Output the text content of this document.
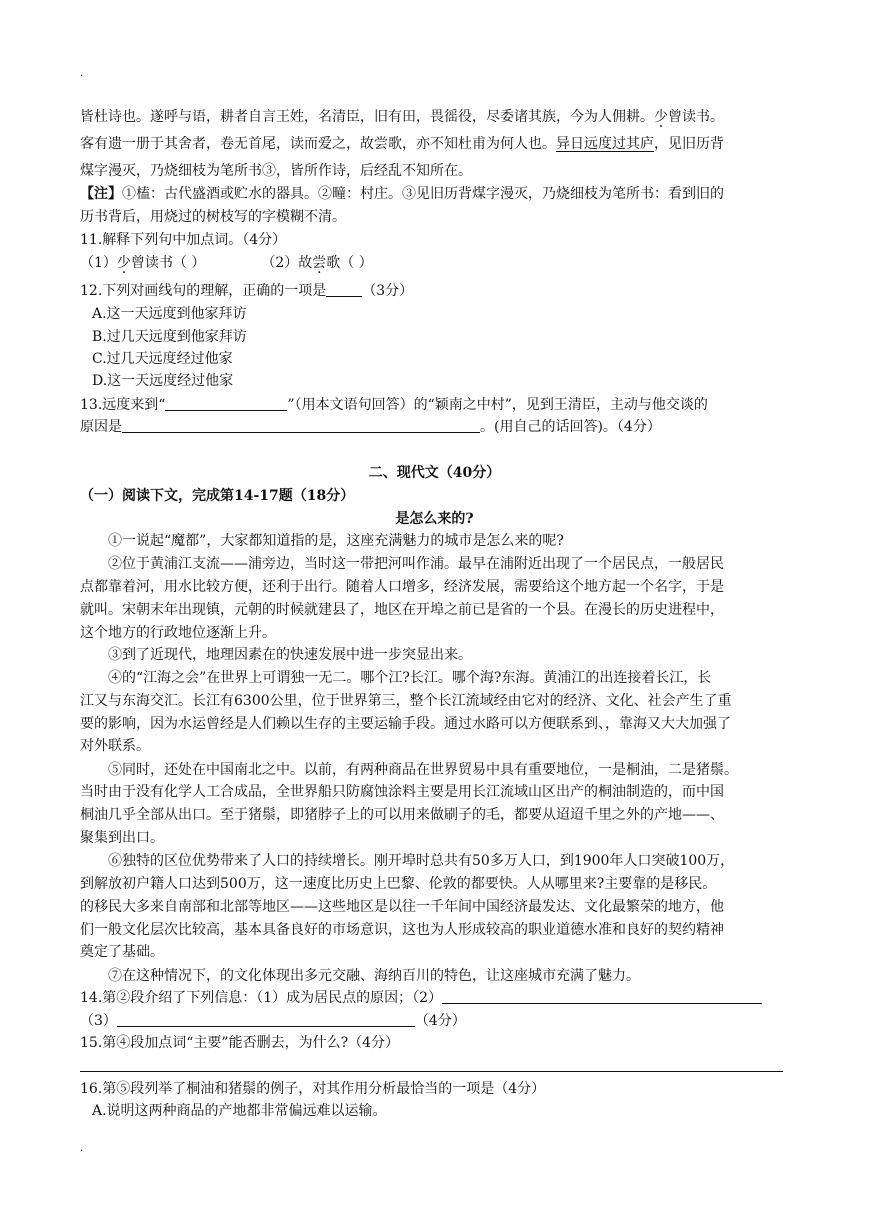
.
皆杜诗也。遂呼与语，耕者自言王姓，名清臣，旧有田，畏徭役，尽委诸其族，今为人佣耕。少曾读书。
客有遗一册于其舍者，卷无首尾，读而爱之，故尝歌，亦不知杜甫为何人也。异日远度过其庐，见旧历背
煤字漫灭，乃烧细枝为笔所书③，皆所作诗，后经乱不知所在。
【注】①榼：古代盛酒或贮水的器具。②疃：村庄。③见旧历背煤字漫灭，乃烧细枝为笔所书：看到旧的
历书背后，用烧过的树枝写的字模糊不清。
11.解释下列句中加点词。（4分）
（1）少曾读书（ ）	（2）故尝歌（ ）
12.下列对画线句的理解，正确的一项是	（3分）
A.这一天远度到他家拜访
B.过几天远度到他家拜访
C.过几天远度经过他家
D.这一天远度经过他家
13.远度来到“	”（用本文语句回答）的“颖南之中村”，见到王清臣，主动与他交谈的
原因是	。(用自己的话回答)。（4分）
二、现代文（40分）
（一）阅读下文，完成第14-17题（18分）
是怎么来的?
①一说起“魔都”，大家都知道指的是，这座充满魅力的城市是怎么来的呢?
②位于黄浦江支流——浦旁边，当时这一带把河叫作浦。最早在浦附近出现了一个居民点，一般居民
点都靠着河，用水比较方便，还利于出行。随着人口增多，经济发展，需要给这个地方起一个名字，于是
就叫。宋朝末年出现镇，元朝的时候就建县了，地区在开埠之前已是省的一个县。在漫长的历史进程中，
这个地方的行政地位逐渐上升。
③到了近现代，地理因素在的快速发展中进一步突显出来。
④的“江海之会”在世界上可谓独一无二。哪个江?长江。哪个海?东海。黄浦江的出连接着长江，长
江又与东海交汇。长江有6300公里，位于世界第三，整个长江流域经由它对的经济、文化、社会产生了重
要的影响，因为水运曾经是人们赖以生存的主要运输手段。通过水路可以方便联系到、，靠海又大大加强了
对外联系。
⑤同时，还处在中国南北之中。以前，有两种商品在世界贸易中具有重要地位，一是桐油，二是猪鬃。
当时由于没有化学人工合成品，全世界船只防腐蚀涂料主要是用长江流域山区出产的桐油制造的，而中国
桐油几乎全部从出口。至于猪鬃，即猪脖子上的可以用来做刷子的毛，都要从迢迢千里之外的产地——、
聚集到出口。
⑥独特的区位优势带来了人口的持续增长。刚开埠时总共有50多万人口，到1900年人口突破100万，
到解放初户籍人口达到500万，这一速度比历史上巴黎、伦敦的都要快。人从哪里来?主要靠的是移民。
的移民大多来自南部和北部等地区——这些地区是以往一千年间中国经济最发达、文化最繁荣的地方，他
们一般文化层次比较高，基本具备良好的市场意识，这也为人形成较高的职业道德水准和良好的契约精神
奠定了基础。
⑦在这种情况下，的文化体现出多元交融、海纳百川的特色，让这座城市充满了魅力。
14.第②段介绍了下列信息：（1）成为居民点的原因；（2）
（3）	（4分）
15.第④段加点词“主要”能否删去，为什么?（4分）
16.第⑤段列举了桐油和猪鬃的例子，对其作用分析最恰当的一项是（4分）
A.说明这两种商品的产地都非常偏远难以运输。
.
